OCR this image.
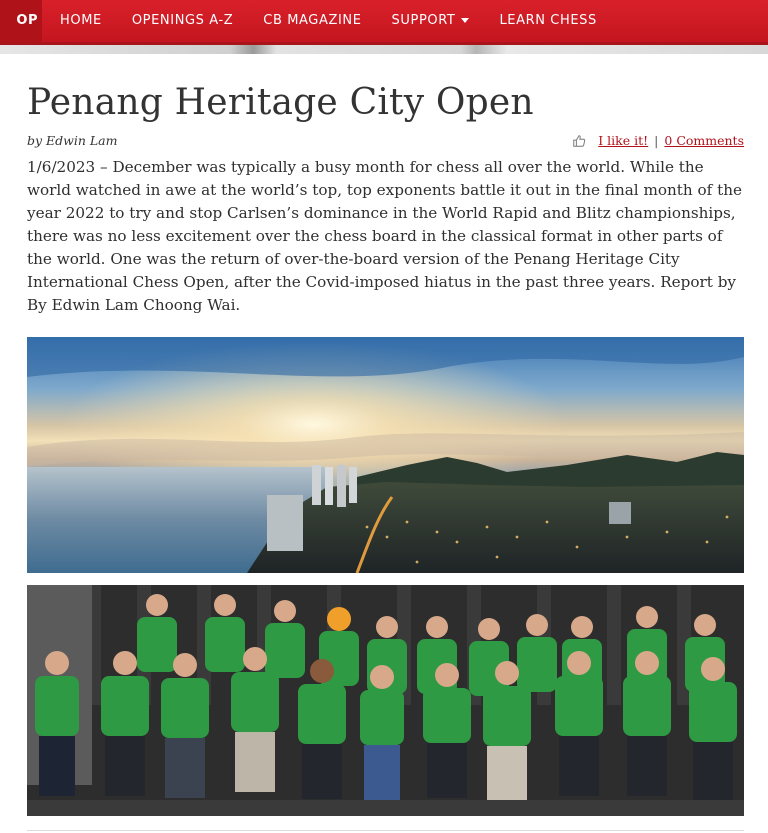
OP	HOME	OPENINGS A-Z	CB MAGAZINE	SUPPORT	LEARN CHESS
Penang Heritage City Open
by Edwin Lam	I like it! | 0 Comments

1/6/2023 – December was typically a busy month for chess all over the world. While the world watched in awe at the world’s top, top exponents battle it out in the final month of the year 2022 to try and stop Carlsen’s dominance in the World Rapid and Blitz championships, there was no less excitement over the chess board in the classical format in other parts of the world. One was the return of over-the-board version of the Penang Heritage City International Chess Open, after the Covid-imposed hiatus in the past three years. Report by By Edwin Lam Choong Wai.
